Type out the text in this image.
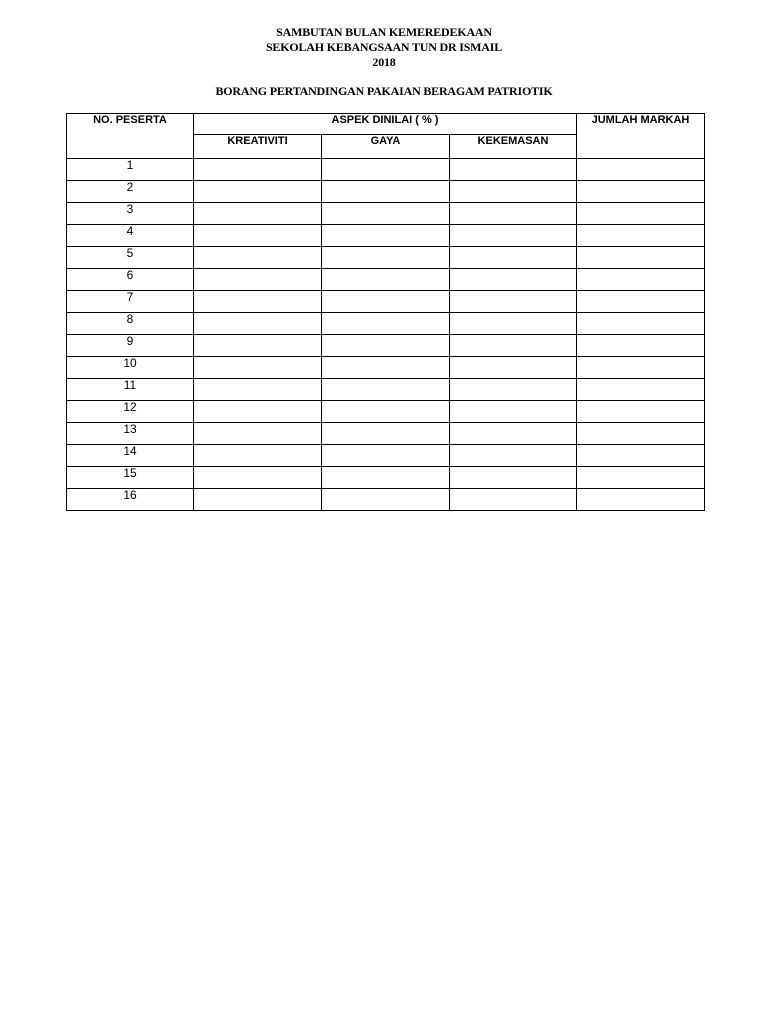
SAMBUTAN BULAN KEMEREDEKAAN
SEKOLAH KEBANGSAAN TUN DR ISMAIL
2018
BORANG PERTANDINGAN PAKAIAN BERAGAM PATRIOTIK
NO. PESERTA	ASPEK DINILAI ( % )			JUMLAH MARKAH
	KREATIVITI	GAYA	KEKEMASAN	
1				
2				
3				
4				
5				
6				
7				
8				
9				
10				
11				
12				
13				
14				
15				
16				
